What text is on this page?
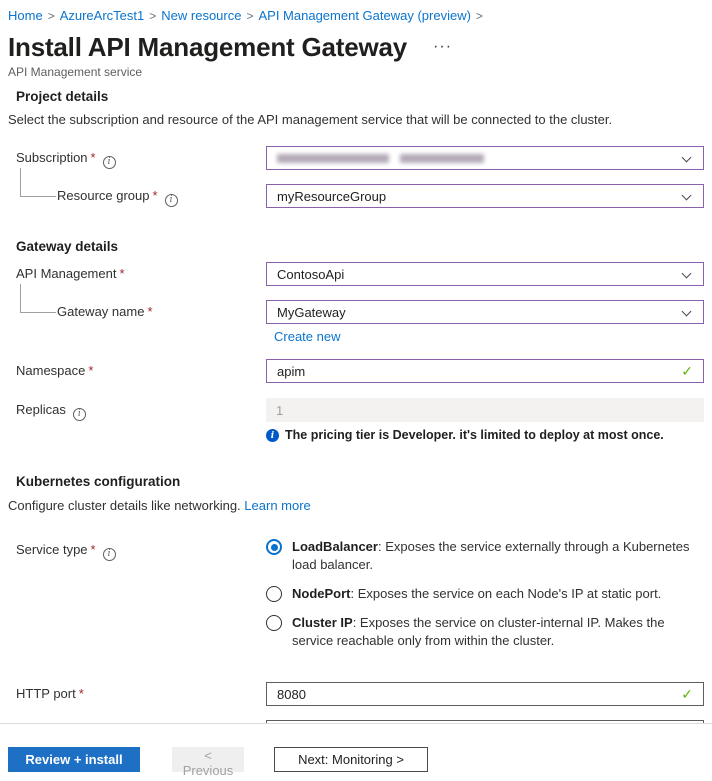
Home > AzureArcTest1 > New resource > API Management Gateway (preview) >
Install API Management Gateway ···
API Management service
Project details
Select the subscription and resource of the API management service that will be connected to the cluster.
Subscription *i
Resource group * i	myResourceGroup
Gateway details
API Management *	ContosoApi
Gateway name *	MyGateway
Create new
Namespace *	apim	✓
Replicas i	1
i
The pricing tier is Developer. it's limited to deploy at most once.
Kubernetes configuration
Configure cluster details like networking. Learn more
Service type * i	LoadBalancer: Exposes the service externally through a Kubernetes load balancer.
NodePort: Exposes the service on each Node's IP at static port.
Cluster IP: Exposes the service on cluster-internal IP. Makes the service reachable only from within the cluster.
HTTP port *	8080	✓
Review + install	< Previous
Next: Monitoring >
